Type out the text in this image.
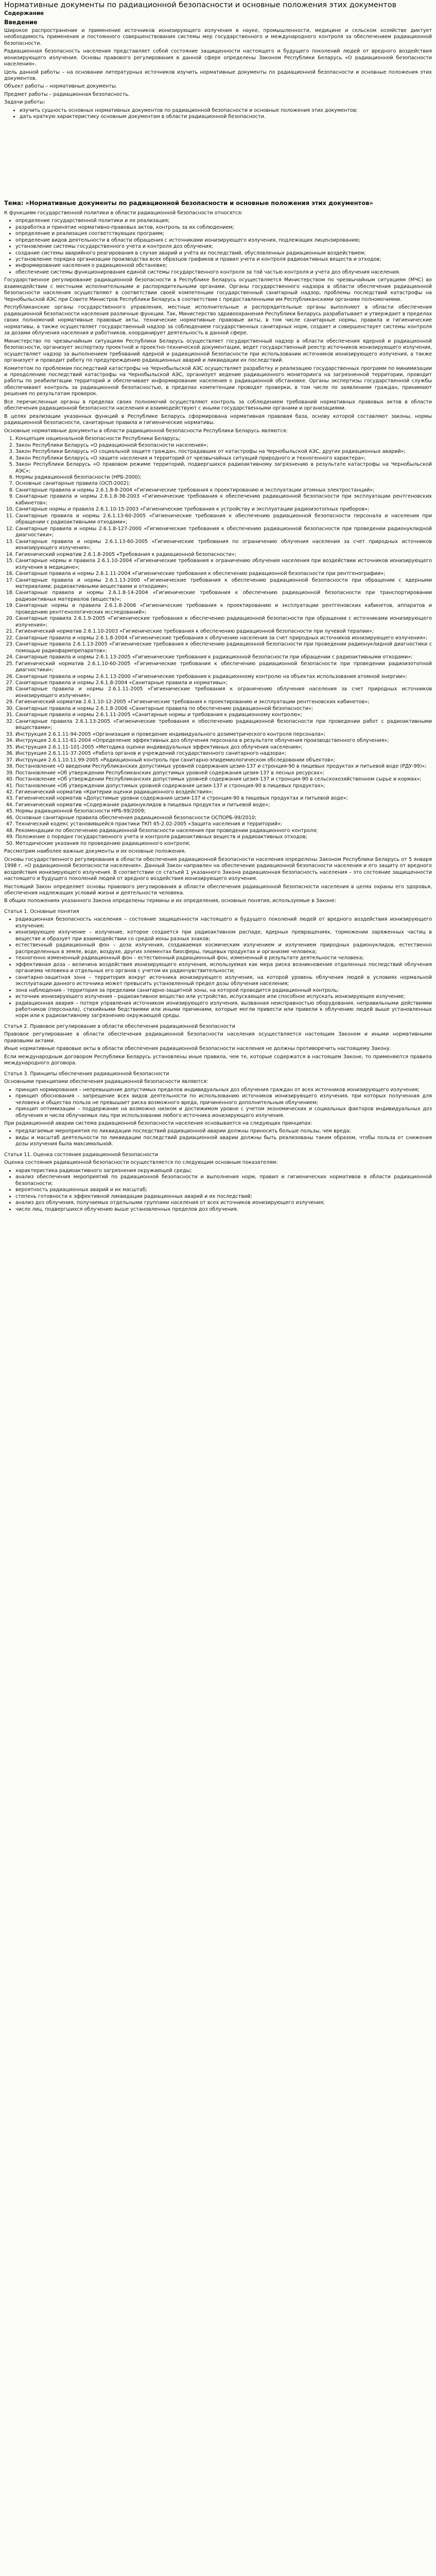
Нормативные документы по радиационной безопасности и основные положения этих документов
Содержание
Введение

Широкое распространение и применение источников ионизирующего излучения в науке, промышленности, медицине и сельском хозяйстве диктует необходимость применения и постоянного совершенствования системы мер государственного и международного контроля за обеспечением радиационной безопасности.

Радиационная безопасность населения представляет собой состояние защищенности настоящего и будущего поколений людей от вредного воздействия ионизирующего излучения. Основы правового регулирования в данной сфере определены Законом Республики Беларусь «О радиационной безопасности населения».

Цель данной работы – на основании литературных источников изучить нормативные документы по радиационной безопасности и основные положения этих документов.

Объект работы – нормативные документы.

Предмет работы – радиационная безопасность.

Задачи работы:

• изучить сущность основных нормативных документов по радиационной безопасности и основные положения этих документов;
• дать краткую характеристику основным документам в области радиационной безопасности.
Тема: «Нормативные документы по радиационной безопасности и основные положения этих документов»

К функциям государственной политики в области радиационной безопасности относятся:

• определение государственной политики и ее реализация;
• разработка и принятие нормативно-правовых актов, контроль за их соблюдением;
• определение и реализация соответствующих программ;
• определение видов деятельности в области обращения с источниками ионизирующего излучения, подлежащих лицензированию;
• установление системы государственного учета и контроля доз облучения;
• создание системы аварийного реагирования в случае аварий и учёта их последствий, обусловленных радиационным воздействием;
• установление порядка организации производства всех образцов графиков и правил учета и контроля радиоактивных веществ и отходов;
• информирование населения о радиационной обстановке;
• обеспечение системы функционирования единой системы государственного контроля за той частью контроля и учета доз облучения населения.

Государственное регулирование радиационной безопасности в Республике Беларусь осуществляется Министерством по чрезвычайным ситуациям (МЧС) во взаимодействии с местными исполнительными и распорядительными органами. Органы государственного надзора в области обеспечения радиационной безопасности населения осуществляют в соответствии своей компетенции государственный санитарный надзор, проблемы последствий катастрофы на Чернобыльской АЭС при Совете Министров Республики Беларусь в соответствии с предоставленными им Республиканскими органами полномочиями.

Республиканские органы государственного управления, местные исполнительные и распорядительные органы выполняют в области обеспечения радиационной безопасности населения различные функции. Так, Министерство здравоохранения Республики Беларусь разрабатывает и утверждает в пределах своих полномочий нормативные правовые акты, технические нормативные правовые акты, в том числе санитарные нормы, правила и гигиенические нормативы, а также осуществляет государственный надзор за соблюдением государственных санитарных норм, создает и совершенствует системы контроля за дозами облучения населения и работников, координирует деятельность в данной сфере.

Министерство по чрезвычайным ситуациям Республики Беларусь осуществляет государственный надзор в области обеспечения ядерной и радиационной безопасности, организует экспертизу проектной и проектно-технической документации, ведет государственный реестр источников ионизирующего излучения, осуществляет надзор за выполнением требований ядерной и радиационной безопасности при использовании источников ионизирующего излучения, а также организует и проводит работу по предупреждению радиационных аварий и ликвидации их последствий.

Комитетом по проблемам последствий катастрофы на Чернобыльской АЭС осуществляет разработку и реализацию государственных программ по минимизации и преодолению последствий катастрофы на Чернобыльской АЭС, организует ведение радиационного мониторинга на загрязненной территории, проводит работы по реабилитации территорий и обеспечивает информирование населения о радиационной обстановке. Органы экспертизы государственной службы обеспечивают контроль за радиационной безопасностью, в пределах компетенции проводят проверки, в том числе по заявлениям граждан, принимают решения по результатам проверок.

Все перечисленные органы в пределах своих полномочий осуществляют контроль за соблюдением требований нормативных правовых актов в области обеспечения радиационной безопасности населения и взаимодействуют с иными государственными органами и организациями.

В целях реализации указанных функций в Республике Беларусь сформирована нормативная правовая база, основу которой составляют законы, нормы радиационной безопасности, санитарные правила и гигиенические нормативы.

Основные нормативные документы в области радиационной безопасности Республики Беларусь являются:

1. Концепция национальной безопасности Республики Беларусь;
2. Закон Республики Беларусь «О радиационной безопасности населения»;
3. Закон Республики Беларусь «О социальной защите граждан, пострадавших от катастрофы на Чернобыльской АЭС, других радиационных аварий»;
4. Закон Республики Беларусь «О защите населения и территорий от чрезвычайных ситуаций природного и техногенного характера»;
5. Закон Республики Беларусь «О правовом режиме территорий, подвергшихся радиоактивному загрязнению в результате катастрофы на Чернобыльской АЭС»;
6. Нормы радиационной безопасности (НРБ-2000);
7. Основные санитарные правила (ОСП-2002);
8. Санитарные правила и нормы 2.6.1.8-8-2004 «Гигиенические требования к проектированию и эксплуатации атомных электростанций»;
9. Санитарные правила и нормы 2.6.1.8-38-2003 «Гигиенические требования к обеспечению радиационной безопасности при эксплуатации рентгеновских кабинетов»;
10. Санитарные нормы и правила 2.6.1.10-15-2003 «Гигиенические требования к устройству и эксплуатации радиоизотопных приборов»;
11. Санитарные правила и нормы 2.6.1.13-60-2005 «Гигиенические требования к обеспечению радиационной безопасности персонала и населения при обращении с радиоактивными отходами»;
12. Санитарные правила и нормы 2.6.1.8-127-2000 «Гигиенические требования к обеспечению радиационной безопасности при проведении радионуклидной диагностики»;
13. Санитарные правила и нормы 2.6.1.13-60-2005 «Гигиенические требования по ограничению облучения населения за счет природных источников ионизирующего излучения»;
14. Гигиенический норматив 2.6.1.8-2005 «Требования к радиационной безопасности»;
15. Санитарные нормы и правила 2.6.1.10-2004 «Гигиенические требования к ограничению облучения населения при воздействии источников ионизирующего излучения в медицине»;
16. Санитарные правила и нормы 2.6.1.11-2004 «Гигиенические требования к обеспечению радиационной безопасности при рентгенографии»;
17. Санитарные правила и нормы 2.6.1.13-2000 «Гигиенические требования к обеспечению радиационной безопасности при обращении с ядерными материалами, радиоактивными веществами и отходами»;
18. Санитарные правила и нормы 2.6.1.8-14-2004 «Гигиенические требования к обеспечению радиационной безопасности при транспортировании радиоактивных материалов (веществ)»;
19. Санитарные нормы и правила 2.6.1.8-2006 «Гигиенические требования к проектированию и эксплуатации рентгеновских кабинетов, аппаратов и проведению рентгенологических исследований»;
20. Санитарные правила 2.6.1.9-2005 «Гигиенические требования к обеспечению радиационной безопасности при обращении с источниками ионизирующего излучения»;
21. Гигиенический норматив 2.6.1.10-2003 «Гигиенические требования к обеспечению радиационной безопасности при лучевой терапии»;
22. Санитарные правила и нормы 2.6.1.8-2004 «Гигиенические требования к облучению населения за счет природных источников ионизирующего излучения»;
23. Санитарные правила 2.6.1.13-2005 «Гигиенические требования к обеспечению радиационной безопасности при проведении радионуклидной диагностики с помощью радиофармпрепаратов»;
24. Санитарные правила и нормы 2.6.1.13-2005 «Гигиенические требования к радиационной безопасности при обращении с радиоактивными отходами»;
25. Гигиенический норматив 2.6.1.10-60-2005 «Гигиенические требования к обеспечению радиационной безопасности при проведении радиоизотопной диагностики»;
26. Санитарные правила и нормы 2.6.1.13-2000 «Гигиенические требования к радиационному контролю на объектах использования атомной энергии»;
27. Санитарные правила и нормы 2.6.1.8-2004 «Санитарные правила и нормативы»;
28. Санитарные правила и нормы 2.6.1.11-2005 «Гигиенические требования к ограничению облучения населения за счет природных источников ионизирующего излучения»;
29. Гигиенический норматив 2.6.1.10-12-2005 «Гигиенические требования к проектированию и эксплуатации рентгеновских кабинетов»;
30. Санитарные правила и нормы 2.6.1.8-2006 «Санитарные правила по обеспечению радиационной безопасности»;
31. Санитарные правила и нормы 2.6.1.11-2005 «Санитарные нормы и требования к радиационному контролю»;
32. Санитарные правила 2.6.1.13-2005 «Гигиенические требования к обеспечению радиационной безопасности при проведении работ с радиоактивными веществами»;
33. Инструкция 2.6.1.11-94-2005 «Организация и проведение индивидуального дозиметрического контроля персонала»;
34. Инструкция 2.6.1.11-61-2004 «Определение эффективных доз облучения персонала в результате облучения производственного облучения»;
35. Инструкция 2.6.1.11-101-2005 «Методика оценки индивидуальных эффективных доз облучения населения»;
36. Инструкция 2.6.1.11-37-2005 «Работа органов и учреждений государственного санитарного надзора»;
37. Инструкция 2.6.1.10.11.99-2005 «Радиационный контроль при санитарно-эпидемиологическом обследовании объектов»;
38. Постановление «О введении Республиканских допустимых уровней содержания цезия-137 и стронция-90 в пищевых продуктах и питьевой воде (РДУ-99)»;
39. Постановление «Об утверждении Республиканских допустимых уровней содержания цезия-137 в лесных ресурсах»;
40. Постановление «Об утверждении Республиканских допустимых уровней содержания цезия-137 и стронция-90 в сельскохозяйственном сырье и кормах»;
41. Постановление «Об утверждении допустимых уровней содержания цезия-137 и стронция-90 в пищевых продуктах»;
42. Гигиенический норматив «Критерии оценки радиационного воздействия»;
43. Гигиенический норматив «Допустимые уровни содержания цезия-137 и стронция-90 в пищевых продуктах и питьевой воде»;
44. Гигиенический норматив «Содержание радионуклидов в пищевых продуктах и питьевой воде»;
45. Нормы радиационной безопасности НРБ-99/2009;
46. Основные санитарные правила обеспечения радиационной безопасности ОСПОРБ-99/2010;
47. Технический кодекс установившейся практики ТКП 45-2.02-2005 «Защита населения и территорий»;
48. Рекомендации по обеспечению радиационной безопасности населения при проведении радиационного контроля;
49. Положение о порядке государственного учета и контроля радиоактивных веществ и радиоактивных отходов;
50. Методические указания по проведению радиационного контроля;

Рассмотрим наиболее важные документы и их основные положения.

Основы государственного регулирования в области обеспечения радиационной безопасности населения определены Законом Республики Беларусь от 5 января 1998 г. «О радиационной безопасности населения». Данный Закон направлен на обеспечение радиационной безопасности населения и его защиту от вредного воздействия ионизирующего излучения. В соответствии со статьей 1 указанного Закона радиационная безопасность населения – это состояние защищенности настоящего и будущего поколений людей от вредного воздействия ионизирующего излучения.

Настоящий Закон определяет основы правового регулирования в области обеспечения радиационной безопасности населения в целях охраны его здоровья, обеспечения надлежащих условий жизни и деятельности человека.

В общих положениях указанного Закона определены термины и их определения, основные понятия, используемые в Законе:

Статья 1. Основные понятия

• радиационная безопасность населения – состояние защищенности настоящего и будущего поколений людей от вредного воздействия ионизирующего излучения;
• ионизирующее излучение – излучение, которое создается при радиоактивном распаде, ядерных превращениях, торможении заряженных частиц в веществе и образует при взаимодействии со средой ионы разных знаков;
• естественный радиационный фон – доза излучения, создаваемая космическим излучением и излучением природных радионуклидов, естественно распределенных в земле, воде, воздухе, других элементах биосферы, пищевых продуктах и организме человека;
• техногенно измененный радиационный фон – естественный радиационный фон, измененный в результате деятельности человека;
• эффективная доза – величина воздействия ионизирующего излучения, используемая как мера риска возникновения отдаленных последствий облучения организма человека и отдельных его органов с учетом их радиочувствительности;
• санитарно-защитная зона – территория вокруг источника ионизирующего излучения, на которой уровень облучения людей в условиях нормальной эксплуатации данного источника может превысить установленный предел дозы облучения населения;
• зона наблюдения – территория за пределами санитарно-защитной зоны, на которой проводится радиационный контроль;
• источник ионизирующего излучения – радиоактивное вещество или устройство, испускающее или способное испускать ионизирующее излучение;
• радиационная авария – потеря управления источником ионизирующего излучения, вызванная неисправностью оборудования, неправильными действиями работников (персонала), стихийными бедствиями или иными причинами, которые могли привести или привели к облучению людей выше установленных норм или к радиоактивному загрязнению окружающей среды.

Статья 2. Правовое регулирование в области обеспечения радиационной безопасности

Правовое регулирование в области обеспечения радиационной безопасности населения осуществляется настоящим Законом и иными нормативными правовыми актами.

Иные нормативные правовые акты в области обеспечения радиационной безопасности населения не должны противоречить настоящему Закону.

Если международным договором Республики Беларусь установлены иные правила, чем те, которые содержатся в настоящем Законе, то применяются правила международного договора.

Статья 3. Принципы обеспечения радиационной безопасности

Основными принципами обеспечения радиационной безопасности являются:

• принцип нормирования – непревышение допустимых пределов индивидуальных доз облучения граждан от всех источников ионизирующего излучения;
• принцип обоснования – запрещение всех видов деятельности по использованию источников ионизирующего излучения, при которых полученная для человека и общества польза не превышает риска возможного вреда, причиненного дополнительным облучением;
• принцип оптимизации – поддержание на возможно низком и достижимом уровне с учетом экономических и социальных факторов индивидуальных доз облучения и числа облучаемых лиц при использовании любого источника ионизирующего излучения.

При радиационной аварии система радиационной безопасности населения основывается на следующих принципах:

• предлагаемые мероприятия по ликвидации последствий радиационной аварии должны приносить больше пользы, чем вреда;
• виды и масштаб деятельности по ликвидации последствий радиационной аварии должны быть реализованы таким образом, чтобы польза от снижения дозы излучения была максимальной.

Статья 11. Оценка состояния радиационной безопасности

Оценка состояния радиационной безопасности осуществляется по следующим основным показателям:

• характеристика радиоактивного загрязнения окружающей среды;
• анализ обеспечения мероприятий по радиационной безопасности и выполнения норм, правил и гигиенических нормативов в области радиационной безопасности;
• вероятность радиационных аварий и их масштаб;
• степень готовности к эффективной ликвидации радиационных аварий и их последствий;
• анализ доз облучения, получаемых отдельными группами населения от всех источников ионизирующего излучения;
• число лиц, подвергшихся облучению выше установленных пределов доз облучения.
